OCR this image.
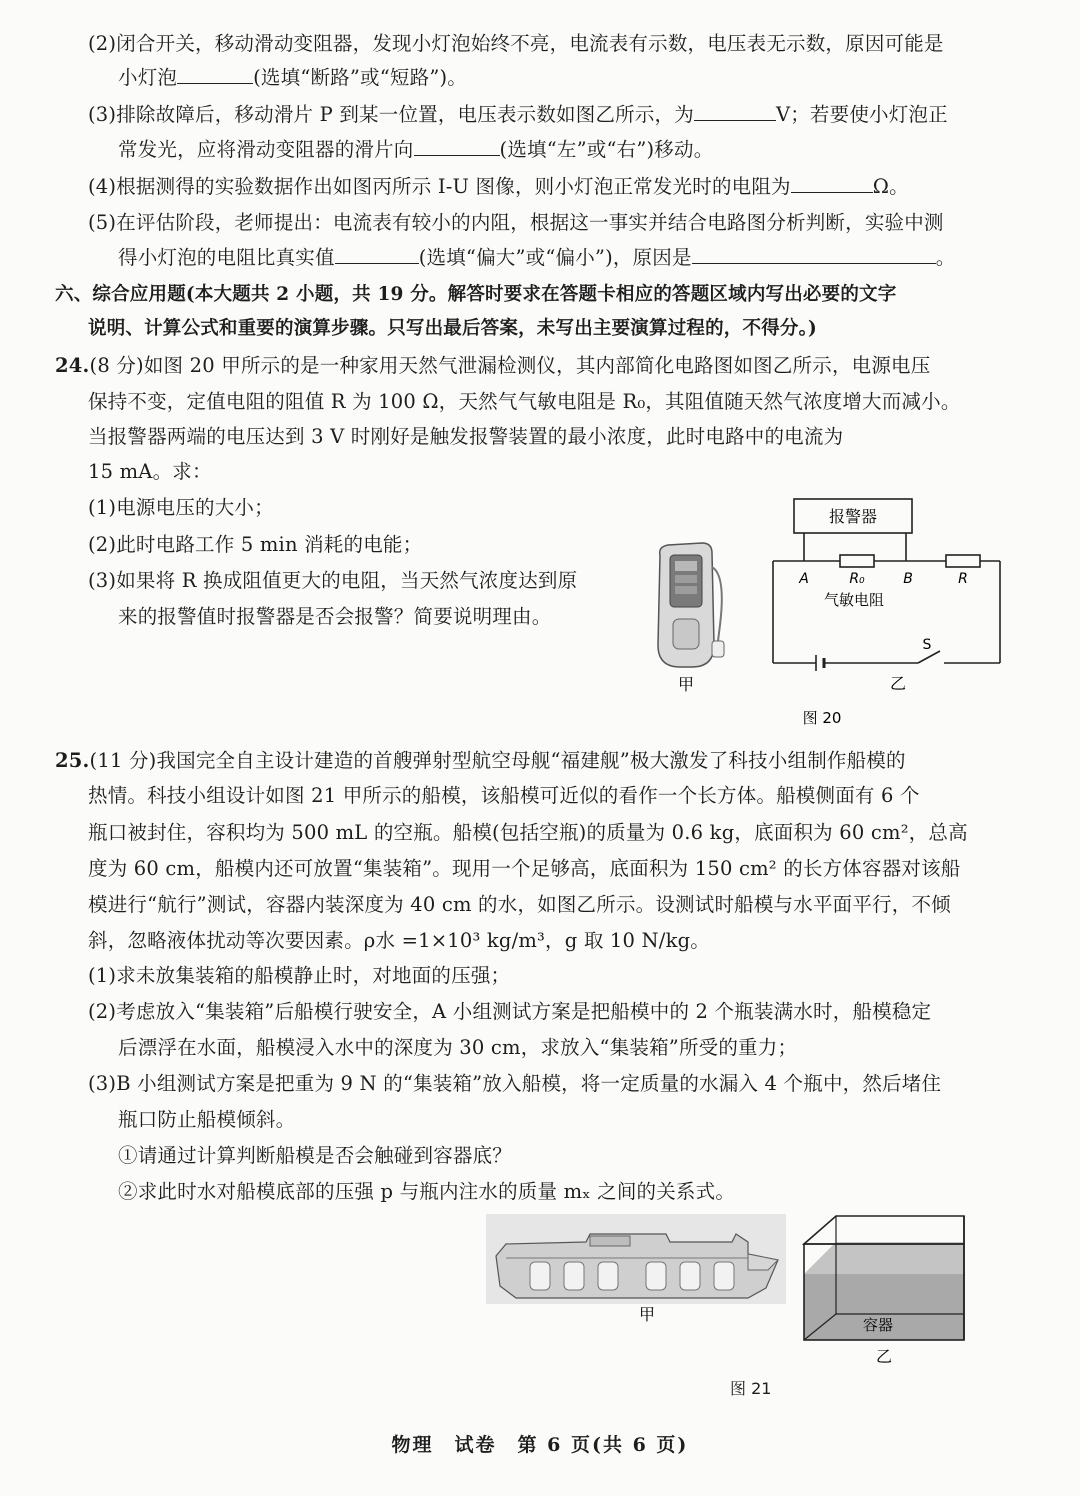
(2)闭合开关，移动滑动变阻器，发现小灯泡始终不亮，电流表有示数，电压表无示数，原因可能是
小灯泡	(选填“断路”或“短路”)。
(3)排除故障后，移动滑片 P 到某一位置，电压表示数如图乙所示，为	V；若要使小灯泡正
常发光，应将滑动变阻器的滑片向	(选填“左”或“右”)移动。
(4)根据测得的实验数据作出如图丙所示 I-U 图像，则小灯泡正常发光时的电阻为	Ω。
(5)在评估阶段，老师提出：电流表有较小的内阻，根据这一事实并结合电路图分析判断，实验中测
得小灯泡的电阻比真实值	(选填“偏大”或“偏小”)，原因是	。
六、综合应用题(本大题共 2 小题，共 19 分。解答时要求在答题卡相应的答题区域内写出必要的文字
说明、计算公式和重要的演算步骤。只写出最后答案，未写出主要演算过程的，不得分。)
24.(8 分)如图 20 甲所示的是一种家用天然气泄漏检测仪，其内部简化电路图如图乙所示，电源电压
保持不变，定值电阻的阻值 R 为 100 Ω，天然气气敏电阻是 R₀，其阻值随天然气浓度增大而减小。
当报警器两端的电压达到 3 V 时刚好是触发报警装置的最小浓度，此时电路中的电流为
15 mA。求：
(1)电源电压的大小；
(2)此时电路工作 5 min 消耗的电能；
(3)如果将 R 换成阻值更大的电阻，当天然气浓度达到原
来的报警值时报警器是否会报警？简要说明理由。
甲
报警器
A	R₀	B	R
气敏电阻
S
乙
图 20
25.(11 分)我国完全自主设计建造的首艘弹射型航空母舰“福建舰”极大激发了科技小组制作船模的
热情。科技小组设计如图 21 甲所示的船模，该船模可近似的看作一个长方体。船模侧面有 6 个
瓶口被封住，容积均为 500 mL 的空瓶。船模(包括空瓶)的质量为 0.6 kg，底面积为 60 cm²，总高
度为 60 cm，船模内还可放置“集装箱”。现用一个足够高，底面积为 150 cm² 的长方体容器对该船
模进行“航行”测试，容器内装深度为 40 cm 的水，如图乙所示。设测试时船模与水平面平行，不倾
斜，忽略液体扰动等次要因素。ρ水 =1×10³ kg/m³，g 取 10 N/kg。
(1)求未放集装箱的船模静止时，对地面的压强；
(2)考虑放入“集装箱”后船模行驶安全，A 小组测试方案是把船模中的 2 个瓶装满水时，船模稳定
后漂浮在水面，船模浸入水中的深度为 30 cm，求放入“集装箱”所受的重力；
(3)B 小组测试方案是把重为 9 N 的“集装箱”放入船模，将一定质量的水漏入 4 个瓶中，然后堵住
瓶口防止船模倾斜。
①请通过计算判断船模是否会触碰到容器底？
②求此时水对船模底部的压强 p 与瓶内注水的质量 mₓ 之间的关系式。
甲
容器
乙
图 21
物理　试卷　第 6 页(共 6 页)
